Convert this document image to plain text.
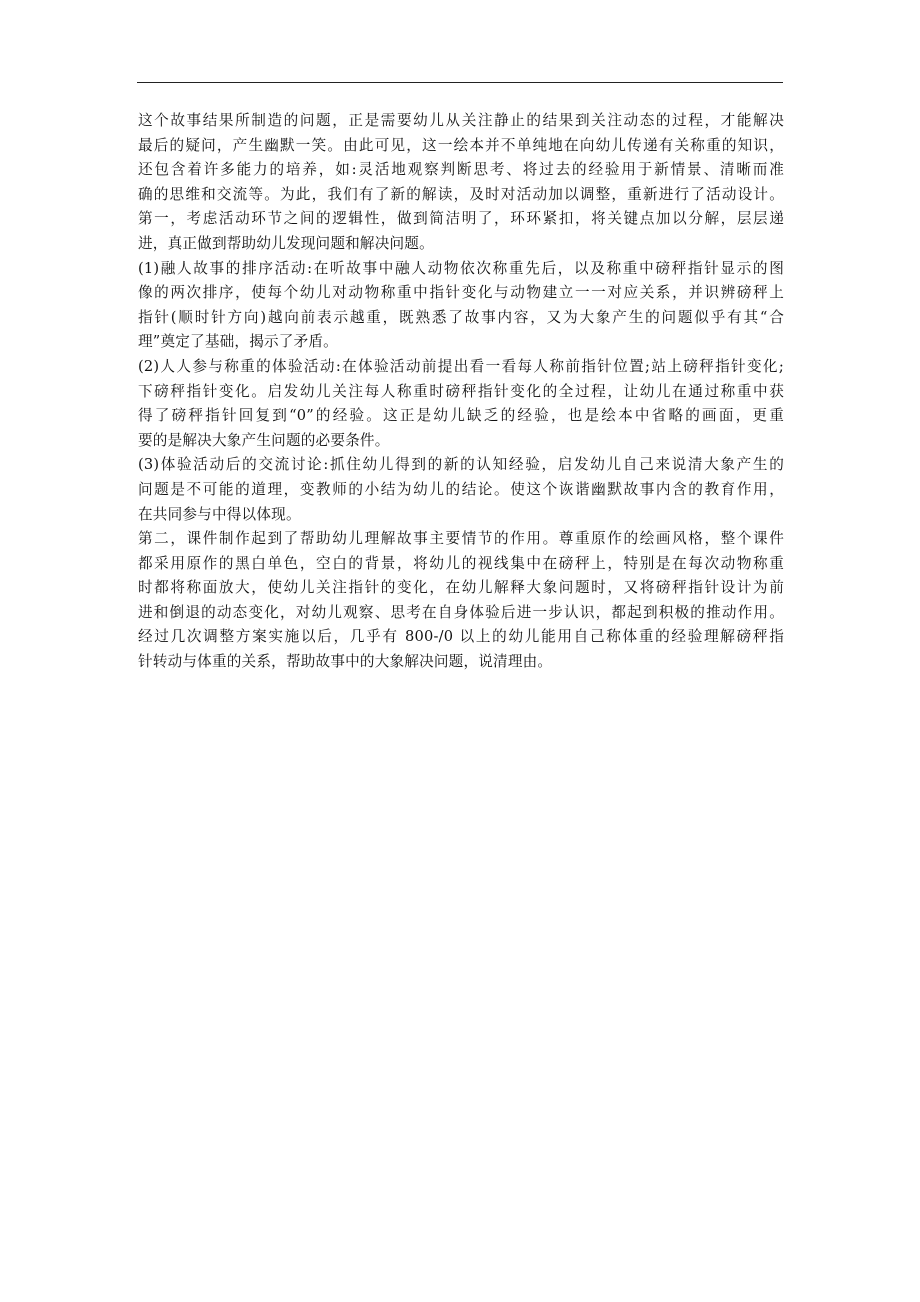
这个故事结果所制造的问题，正是需要幼儿从关注静止的结果到关注动态的过程，才能解决
最后的疑问，产生幽默一笑。由此可见，这一绘本并不单纯地在向幼儿传递有关称重的知识，
还包含着许多能力的培养，如:灵活地观察判断思考、将过去的经验用于新情景、清晰而准
确的思维和交流等。为此，我们有了新的解读，及时对活动加以调整，重新进行了活动设计。
第一，考虑活动环节之间的逻辑性，做到简洁明了，环环紧扣，将关键点加以分解，层层递
进，真正做到帮助幼儿发现问题和解决问题。
(1)融人故事的排序活动:在听故事中融人动物依次称重先后，以及称重中磅秤指针显示的图
像的两次排序，使每个幼儿对动物称重中指针变化与动物建立一一对应关系，并识辨磅秤上
指针(顺时针方向)越向前表示越重，既熟悉了故事内容，又为大象产生的问题似乎有其“合
理”奠定了基础，揭示了矛盾。
(2)人人参与称重的体验活动:在体验活动前提出看一看每人称前指针位置;站上磅秤指针变化;
下磅秤指针变化。启发幼儿关注每人称重时磅秤指针变化的全过程，让幼儿在通过称重中获
得了磅秤指针回复到“0”的经验。这正是幼儿缺乏的经验，也是绘本中省略的画面，更重
要的是解决大象产生问题的必要条件。
(3)体验活动后的交流讨论:抓住幼儿得到的新的认知经验，启发幼儿自己来说清大象产生的
问题是不可能的道理，变教师的小结为幼儿的结论。使这个诙谐幽默故事内含的教育作用，
在共同参与中得以体现。
第二，课件制作起到了帮助幼儿理解故事主要情节的作用。尊重原作的绘画风格，整个课件
都采用原作的黑白单色，空白的背景，将幼儿的视线集中在磅秤上，特别是在每次动物称重
时都将称面放大，使幼儿关注指针的变化，在幼儿解释大象问题时，又将磅秤指针设计为前
进和倒退的动态变化，对幼儿观察、思考在自身体验后进一步认识，都起到积极的推动作用。
经过几次调整方案实施以后，几乎有 800-/0 以上的幼儿能用自己称体重的经验理解磅秤指
针转动与体重的关系，帮助故事中的大象解决问题，说清理由。
